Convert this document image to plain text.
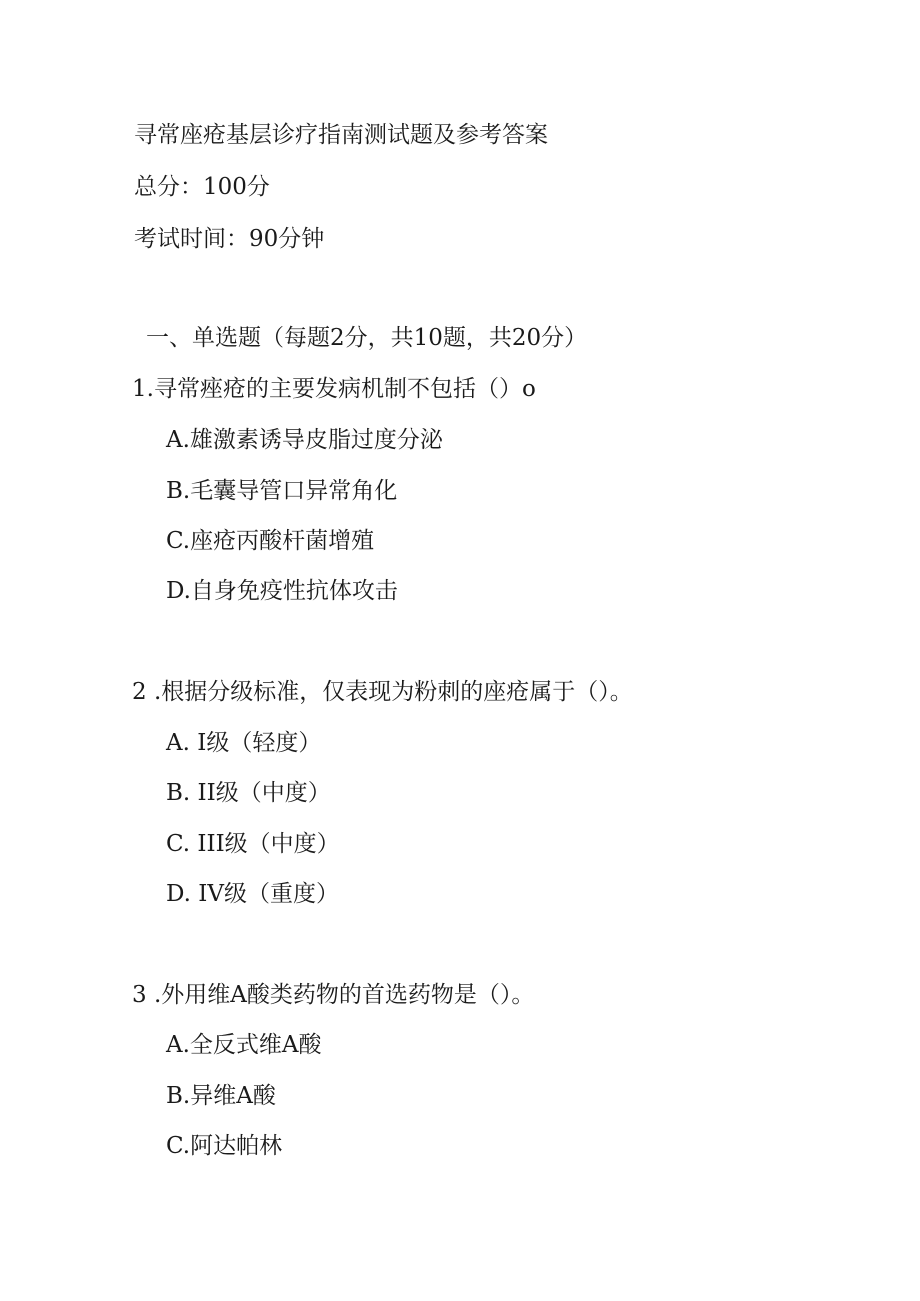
寻常座疮基层诊疗指南测试题及参考答案
总分：100分
考试时间：90分钟
一、单选题（每题2分，共10题，共20分）
1.寻常痤疮的主要发病机制不包括（）o
A.雄激素诱导皮脂过度分泌
B.毛囊导管口异常角化
C.座疮丙酸杆菌增殖
D.自身免疫性抗体攻击
2 .根据分级标准，仅表现为粉刺的座疮属于（）。
A. I级（轻度）
B. II级（中度）
C. III级（中度）
D. IV级（重度）
3 .外用维A酸类药物的首选药物是（）。
A.全反式维A酸
B.异维A酸
C.阿达帕林
